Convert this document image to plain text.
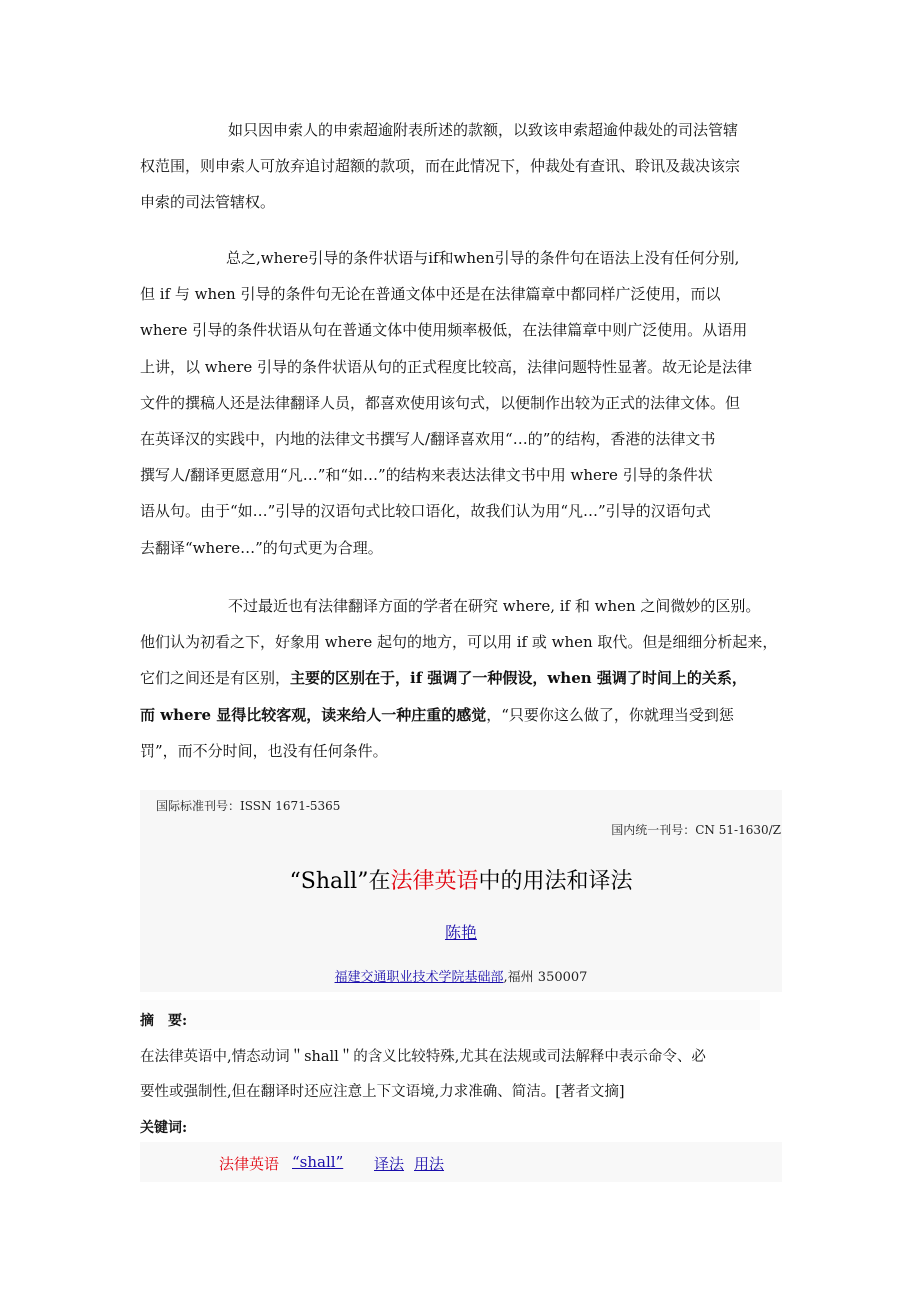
如只因申索人的申索超逾附表所述的款额，以致该申索超逾仲裁处的司法管辖
权范围，则申索人可放弃追讨超额的款项，而在此情况下，仲裁处有查讯、聆讯及裁决该宗
申索的司法管辖权。
总之,where引导的条件状语与if和when引导的条件句在语法上没有任何分别,
但 if 与 when 引导的条件句无论在普通文体中还是在法律篇章中都同样广泛使用，而以
where 引导的条件状语从句在普通文体中使用频率极低，在法律篇章中则广泛使用。从语用
上讲，以 where 引导的条件状语从句的正式程度比较高，法律问题特性显著。故无论是法律
文件的撰稿人还是法律翻译人员，都喜欢使用该句式，以便制作出较为正式的法律文体。但
在英译汉的实践中，内地的法律文书撰写人/翻译喜欢用“…的”的结构，香港的法律文书
撰写人/翻译更愿意用“凡…”和“如…”的结构来表达法律文书中用 where 引导的条件状
语从句。由于“如…”引导的汉语句式比较口语化，故我们认为用“凡…”引导的汉语句式
去翻译“where…”的句式更为合理。
不过最近也有法律翻译方面的学者在研究 where, if 和 when 之间微妙的区别。
他们认为初看之下，好象用 where 起句的地方，可以用 if 或 when 取代。但是细细分析起来，
它们之间还是有区别，主要的区别在于，if 强调了一种假设，when 强调了时间上的关系，
而 where 显得比较客观，读来给人一种庄重的感觉，“只要你这么做了，你就理当受到惩
罚”，而不分时间，也没有任何条件。
国际标准刊号：ISSN 1671-5365
国内统一刊号：CN 51-1630/Z
“Shall”在法律英语中的用法和译法
陈艳
福建交通职业技术学院基础部,福州 350007
摘　要:
在法律英语中,情态动词＂shall＂的含义比较特殊,尤其在法规或司法解释中表示命令、必
要性或强制性,但在翻译时还应注意上下文语境,力求准确、简洁。[著者文摘]
关键词:
法律英语 “shall” 译法 用法
